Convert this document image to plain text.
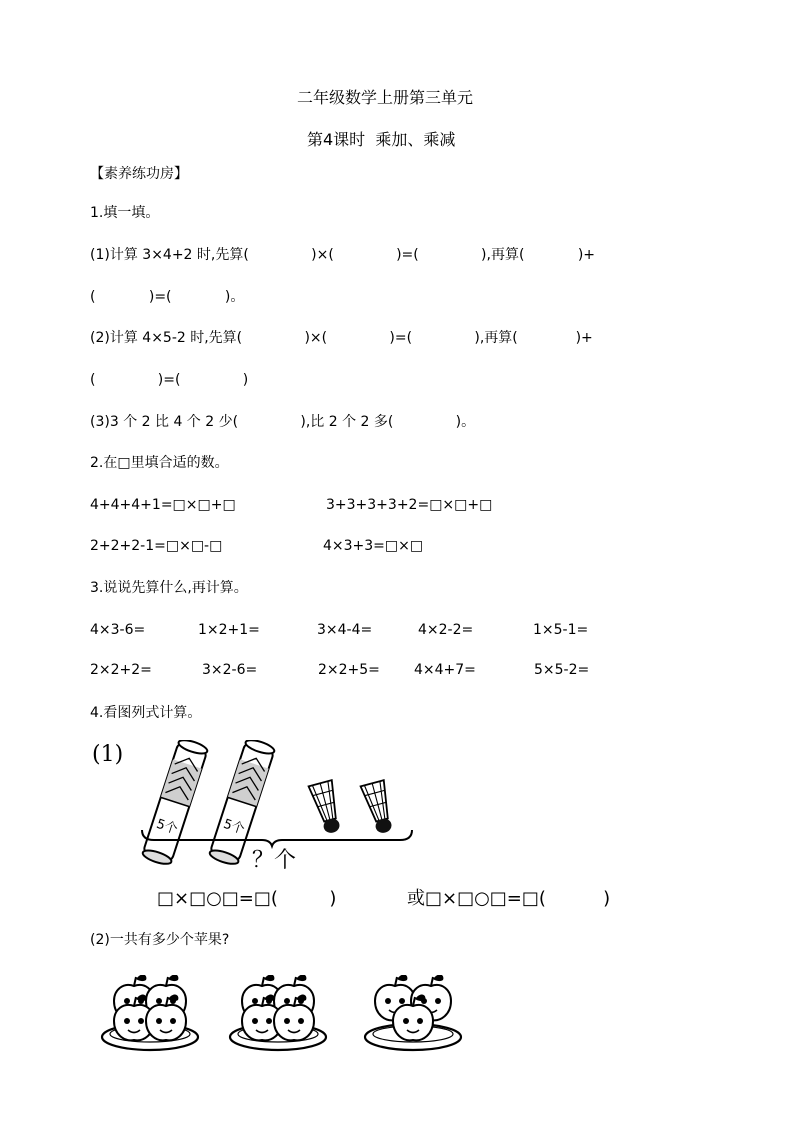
二年级数学上册第三单元
第4课时  乘加、乘减
【素养练功房】
1.填一填。
(1)计算 3×4+2 时,先算(              )×(              )=(              ),再算(            )+
(            )=(            )。
(2)计算 4×5-2 时,先算(              )×(              )=(              ),再算(             )+
(              )=(              )
(3)3 个 2 比 4 个 2 少(              ),比 2 个 2 多(              )。
2.在□里填合适的数。
4+4+4+1=□×□+□	3+3+3+3+2=□×□+□
2+2+2-1=□×□-□	4×3+3=□×□
3.说说先算什么,再计算。
4×3-6=	1×2+1=	3×4-4=	4×2-2=	1×5-1=
2×2+2=	3×2-6=	2×2+5= 4×4+7=	5×5-2=
4.看图列式计算。
(1)
5个	5个
？个
□×□○□=□(         )	或□×□○□=□(          )
(2)一共有多少个苹果?
